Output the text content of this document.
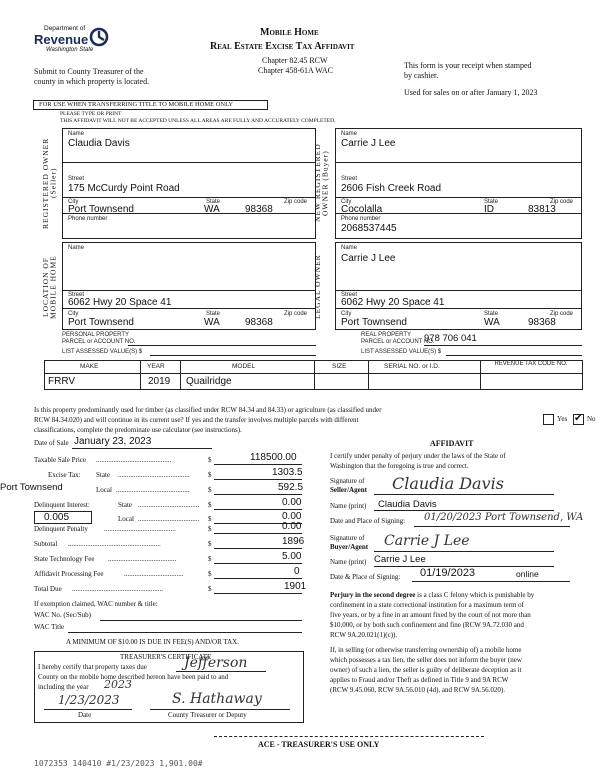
Department of
Revenue
Washington State
Mobile Home
Real Estate Excise Tax Affidavit
Chapter 82.45 RCW
Chapter 458-61A WAC
Submit to County Treasurer of the
county in which property is located.
This form is your receipt when stamped
by cashier.
Used for sales on or after January 1, 2023
FOR USE WHEN TRANSFERRING TITLE TO MOBILE HOME ONLY
PLEASE TYPE OR PRINT
THIS AFFIDAVIT WILL NOT BE ACCEPTED UNLESS ALL AREAS ARE FULLY AND ACCURATELY COMPLETED.
REGISTERED OWNER (Seller)
Name
Claudia Davis
Street
175 McCurdy Point Road
City
Port Townsend
State
WA
Zip code
98368
Phone number	NEW REGISTERED OWNER (Buyer)
Name
Carrie J Lee
Street
2606 Fish Creek Road
City
Cocolalla
State
ID
Zip code
83813
Phone number
2068537445
LOCATION OF MOBILE HOME
Name
Street
6062 Hwy 20 Space 41
City
Port Townsend
State
WA
Zip code
98368
PERSONAL PROPERTY
PARCEL or ACCOUNT NO.
LIST ASSESSED VALUE(S) $
LEGAL OWNER
Name
Carrie J Lee
Street
6062 Hwy 20 Space 41
City
Port Townsend
State
WA
Zip code
98368
REAL PROPERTY
PARCEL or ACCOUNT NO.
978 706 041
LIST ASSESSED VALUE(S) $
MAKE	YEAR	MODEL	SIZE	SERIAL NO. or I.D.	REVENUE TAX CODE NO.
FRRV	2019 Quailridge
Is this property predominantly used for timber (as classified under RCW 84.34 and 84.33) or agriculture (as classified under
RCW 84.34.020) and will continue in its current use? If yes and the transfer involves multiple parcels with different
classifications, complete the predominate use calculator (see instructions).
Yes ✔ No
Date of Sale January 23, 2023
Taxable Sale Price ...........................................	$	118500.00
Excise Tax: State .........................................	$	1303.5
Port Townsend	Local ..........................................	$	592.5
Delinquent Interest:	State ................................... $	0.00
0.005	Local ................................... $	0.00
Delinquent Penalty .........................................	$	0.00
Subtotal .....................................................	$	1896
State Technology Fee .......................................	$	5.00
Affidavit Processing Fee	..................................	$	0
Total Due ....................................................	$	1901
If exemption claimed, WAC number & title:
WAC No. (Sec/Sub)
WAC Title
A MINIMUM OF $10.00 IS DUE IN FEE(S) AND/OR TAX.
TREASURER'S CERTIFICATE
I hereby certify that property taxes due	Jefferson
County on the mobile home described hereon have been paid to and
including the year 2023
1/23/2023	S. Hathaway
Date	County Treasurer or Deputy
AFFIDAVIT
I certify under penalty of perjury under the laws of the State of
Washington that the foregoing is true and correct.
Signature of
Seller/Agent Claudia Davis
Name (print) Claudia Davis
Date and Place of Signing: 01/20/2023 Port Townsend, WA
Signature of
Buyer/Agent Carrie J Lee
Name (print) Carrie J Lee
Date & Place of Signing: 01/19/2023	online
Perjury in the second degree is a class C felony which is punishable by
confinement in a state correctional institution for a maximum term of
five years, or by a fine in an amount fixed by the court of not more than
$10,000, or by both such confinement and fine (RCW 9A.72.030 and
RCW 9A.20.021(1)(c)).
If, in selling (or otherwise transferring ownership of) a mobile home
which possesses a tax lien, the seller does not inform the buyer (new
owner) of such a lien, the seller is guilty of deliberate deception as it
applies to Fraud and/or Theft as defined in Title 9 and 9A RCW
(RCW 9.45.060, RCW 9A.56.010 (4d), and RCW 9A.56.020).
ACE - TREASURER'S USE ONLY
1072353 140410 #1/23/2023 1,901.00#
